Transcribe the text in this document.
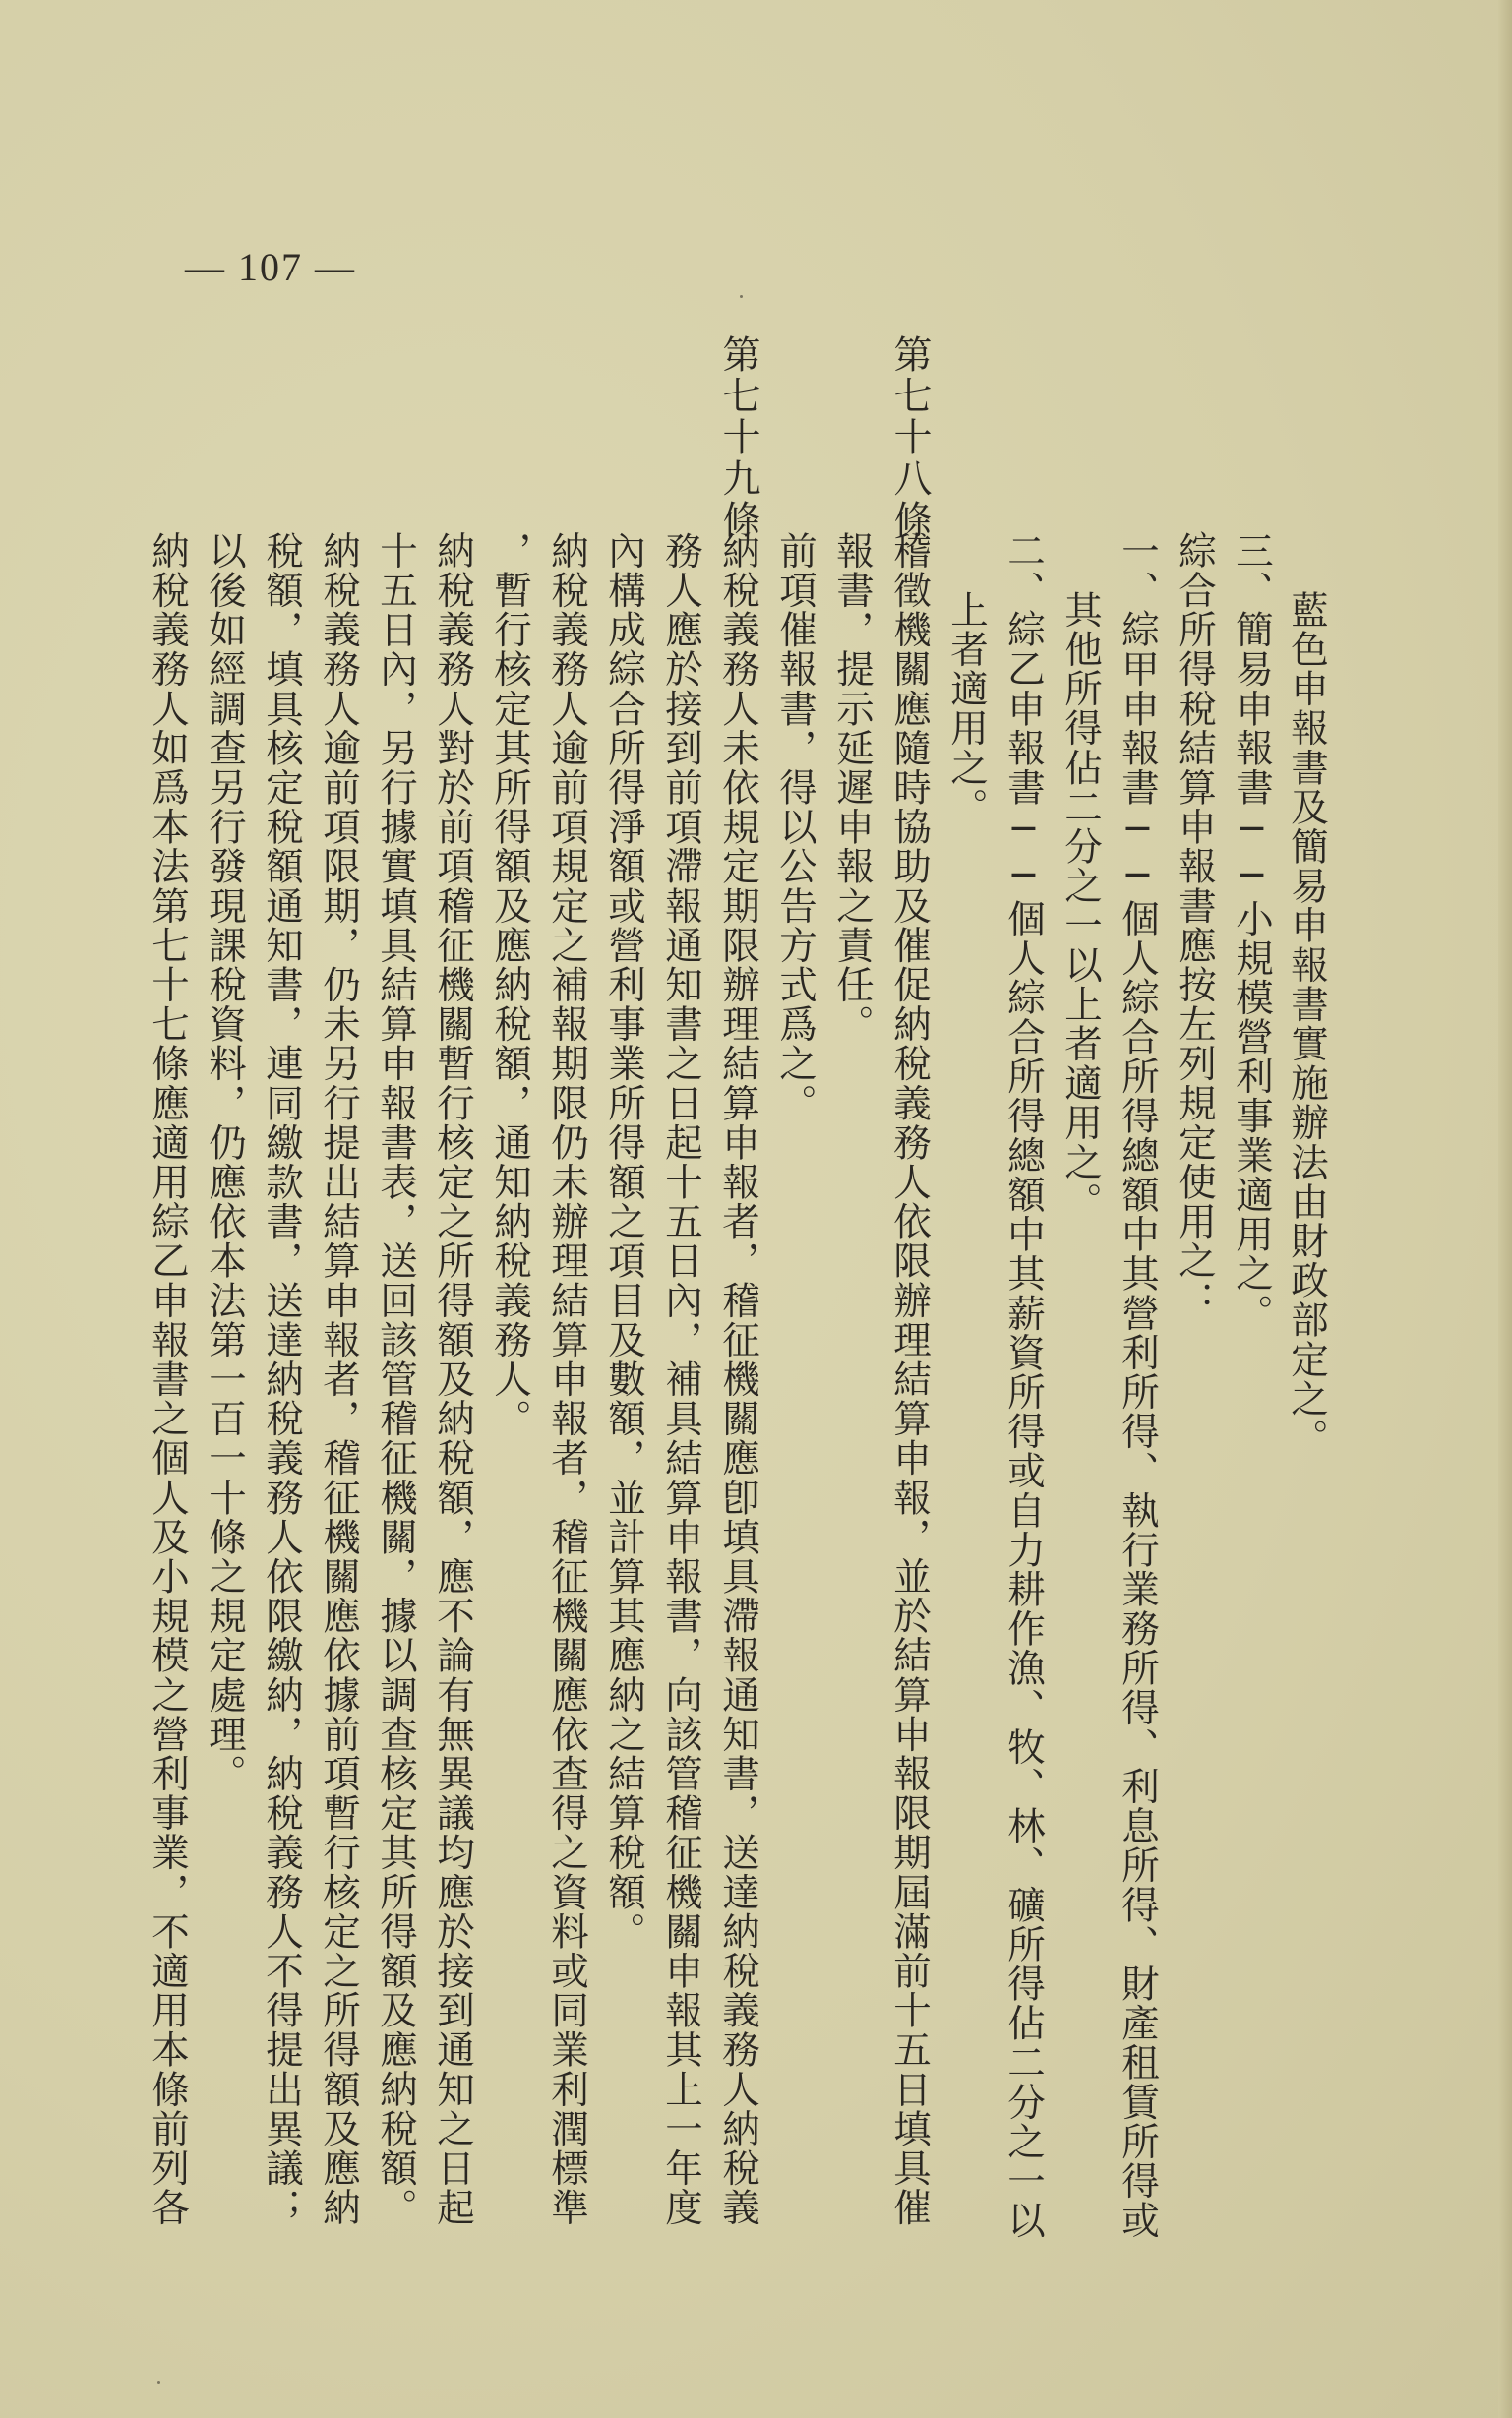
— 107 —
藍色申報書及簡易申報書實施辦法由財政部定之。
三、簡易申報書──小規模營利事業適用之。
綜合所得稅結算申報書應按左列規定使用之：
一、綜甲申報書──個人綜合所得總額中其營利所得、執行業務所得、利息所得、財產租賃所得或
其他所得佔二分之一以上者適用之。
二、綜乙申報書──個人綜合所得總額中其薪資所得或自力耕作漁、牧、林、礦所得佔二分之一以
上者適用之。
第七十八條
稽徵機關應隨時協助及催促納稅義務人依限辦理結算申報，並於結算申報限期屆滿前十五日填具催
報書，提示延遲申報之責任。
前項催報書，得以公告方式爲之。
第七十九條
納稅義務人未依規定期限辦理結算申報者，稽征機關應卽填具滯報通知書，送達納稅義務人納稅義
務人應於接到前項滯報通知書之日起十五日內，補具結算申報書，向該管稽征機關申報其上一年度
內構成綜合所得淨額或營利事業所得額之項目及數額，並計算其應納之結算稅額。
納稅義務人逾前項規定之補報期限仍未辦理結算申報者，稽征機關應依查得之資料或同業利潤標準
，暫行核定其所得額及應納稅額，通知納稅義務人。
納稅義務人對於前項稽征機關暫行核定之所得額及納稅額，應不論有無異議均應於接到通知之日起
十五日內，另行據實填具結算申報書表，送回該管稽征機關，據以調查核定其所得額及應納稅額。
納稅義務人逾前項限期，仍未另行提出結算申報者，稽征機關應依據前項暫行核定之所得額及應納
稅額，填具核定稅額通知書，連同繳款書，送達納稅義務人依限繳納，納稅義務人不得提出異議；
以後如經調查另行發現課稅資料，仍應依本法第一百一十條之規定處理。
納稅義務人如爲本法第七十七條應適用綜乙申報書之個人及小規模之營利事業，不適用本條前列各
